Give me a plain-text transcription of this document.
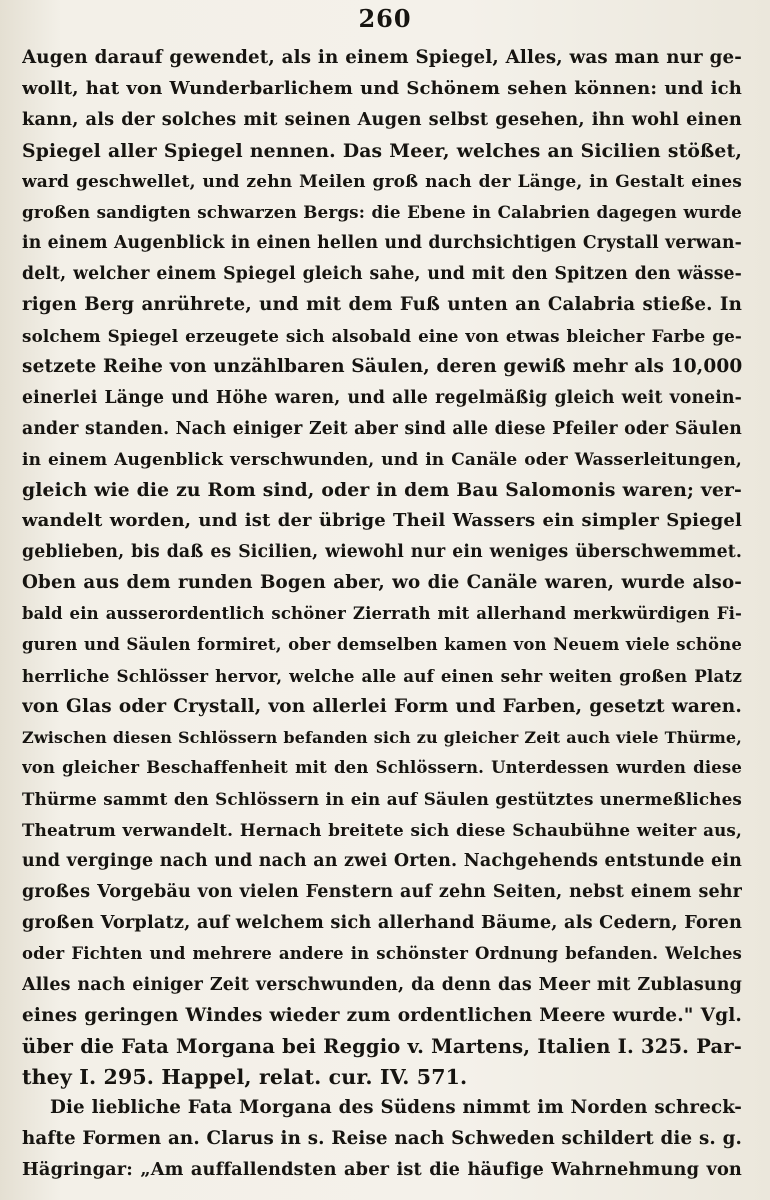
260
Augen darauf gewendet, als in einem Spiegel, Alles, was man nur ge-
wollt, hat von Wunderbarlichem und Schönem sehen können: und ich
kann, als der solches mit seinen Augen selbst gesehen, ihn wohl einen
Spiegel aller Spiegel nennen. Das Meer, welches an Sicilien stößet,
ward geschwellet, und zehn Meilen groß nach der Länge, in Gestalt eines
großen sandigten schwarzen Bergs: die Ebene in Calabrien dagegen wurde
in einem Augenblick in einen hellen und durchsichtigen Crystall verwan-
delt, welcher einem Spiegel gleich sahe, und mit den Spitzen den wässe-
rigen Berg anrührete, und mit dem Fuß unten an Calabria stieße. In
solchem Spiegel erzeugete sich alsobald eine von etwas bleicher Farbe ge-
setzete Reihe von unzählbaren Säulen, deren gewiß mehr als 10,000
einerlei Länge und Höhe waren, und alle regelmäßig gleich weit vonein-
ander standen. Nach einiger Zeit aber sind alle diese Pfeiler oder Säulen
in einem Augenblick verschwunden, und in Canäle oder Wasserleitungen,
gleich wie die zu Rom sind, oder in dem Bau Salomonis waren; ver-
wandelt worden, und ist der übrige Theil Wassers ein simpler Spiegel
geblieben, bis daß es Sicilien, wiewohl nur ein weniges überschwemmet.
Oben aus dem runden Bogen aber, wo die Canäle waren, wurde also-
bald ein ausserordentlich schöner Zierrath mit allerhand merkwürdigen Fi-
guren und Säulen formiret, ober demselben kamen von Neuem viele schöne
herrliche Schlösser hervor, welche alle auf einen sehr weiten großen Platz
von Glas oder Crystall, von allerlei Form und Farben, gesetzt waren.
Zwischen diesen Schlössern befanden sich zu gleicher Zeit auch viele Thürme,
von gleicher Beschaffenheit mit den Schlössern. Unterdessen wurden diese
Thürme sammt den Schlössern in ein auf Säulen gestütztes unermeßliches
Theatrum verwandelt. Hernach breitete sich diese Schaubühne weiter aus,
und verginge nach und nach an zwei Orten. Nachgehends entstunde ein
großes Vorgebäu von vielen Fenstern auf zehn Seiten, nebst einem sehr
großen Vorplatz, auf welchem sich allerhand Bäume, als Cedern, Foren
oder Fichten und mehrere andere in schönster Ordnung befanden. Welches
Alles nach einiger Zeit verschwunden, da denn das Meer mit Zublasung
eines geringen Windes wieder zum ordentlichen Meere wurde." Vgl.
über die Fata Morgana bei Reggio v. Martens, Italien I. 325. Par-
they I. 295. Happel, relat. cur. IV. 571.
Die liebliche Fata Morgana des Südens nimmt im Norden schreck-
hafte Formen an. Clarus in s. Reise nach Schweden schildert die s. g.
Hägringar: „Am auffallendsten aber ist die häufige Wahrnehmung von
